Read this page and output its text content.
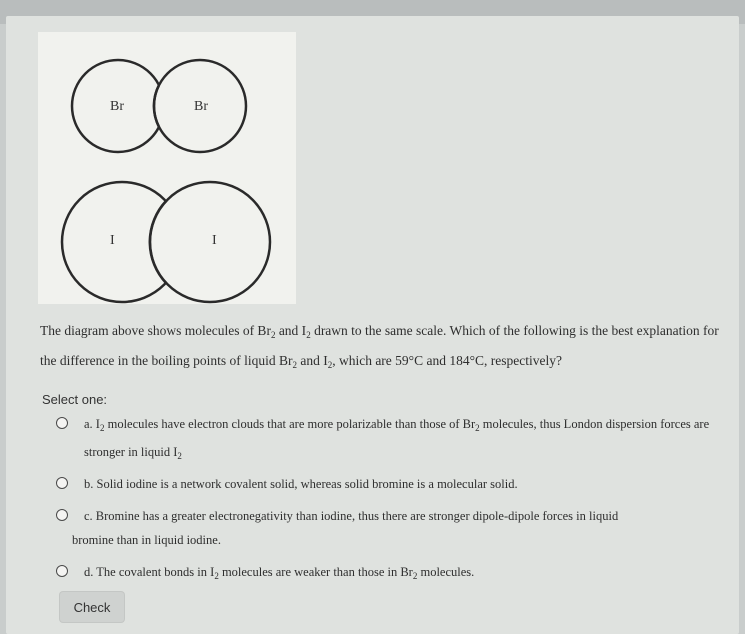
Br	Br
I	I
The diagram above shows molecules of $Br_2$ and $I_2$ drawn to the same scale. Which of the following is the best explanation for the difference in the boiling points of liquid $Br_2$ and $I_2$, which are 59°C and 184°C, respectively?
Select one:
a. $I_2$ molecules have electron clouds that are more polarizable than those of $Br_2$ molecules, thus London dispersion forces are stronger in liquid $I_2$
b. Solid iodine is a network covalent solid, whereas solid bromine is a molecular solid.
c. Bromine has a greater electronegativity than iodine, thus there are stronger dipole-dipole forces in liquid
bromine than in liquid iodine.
d. The covalent bonds in $I_2$ molecules are weaker than those in $Br_2$ molecules.
Check
